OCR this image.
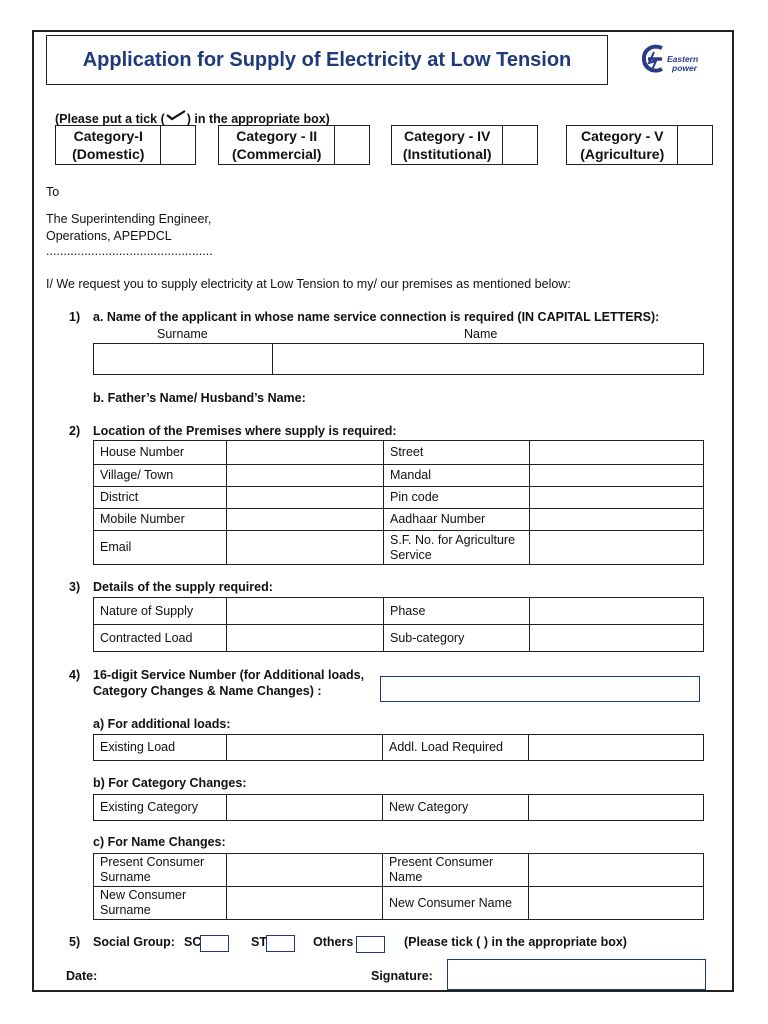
Application for Supply of Electricity at Low Tension	Eastern
power
(Please put a tick ( ) in the appropriate box)
Category-I
(Domestic)
Category - II
(Commercial)
Category - IV
(Institutional)
Category - V
(Agriculture)
To
The Superintending Engineer,
Operations, APEPDCL
................................................
I/ We request you to supply electricity at Low Tension to my/ our premises as mentioned below:
1) a. Name of the applicant in whose name service connection is required (IN CAPITAL LETTERS):
Surname	Name
b. Father’s Name/ Husband’s Name:
2) Location of the Premises where supply is required:
House Number		Street	
Village/ Town		Mandal	
District		Pin code	
Mobile Number		Aadhaar Number	
Email		S.F. No. for Agriculture Service	
3) Details of the supply required:
Nature of Supply		Phase	
Contracted Load		Sub-category	
4) 16-digit Service Number (for Additional loads,
Category Changes & Name Changes) :
a) For additional loads:
Existing Load		Addl. Load Required	
b) For Category Changes:
Existing Category		New Category	
c) For Name Changes:
Present Consumer Surname		Present Consumer Name	
New Consumer Surname		New Consumer Name	
5) Social Group: SC	ST	Others	(Please tick ( ) in the appropriate box)
Date:	Signature:
